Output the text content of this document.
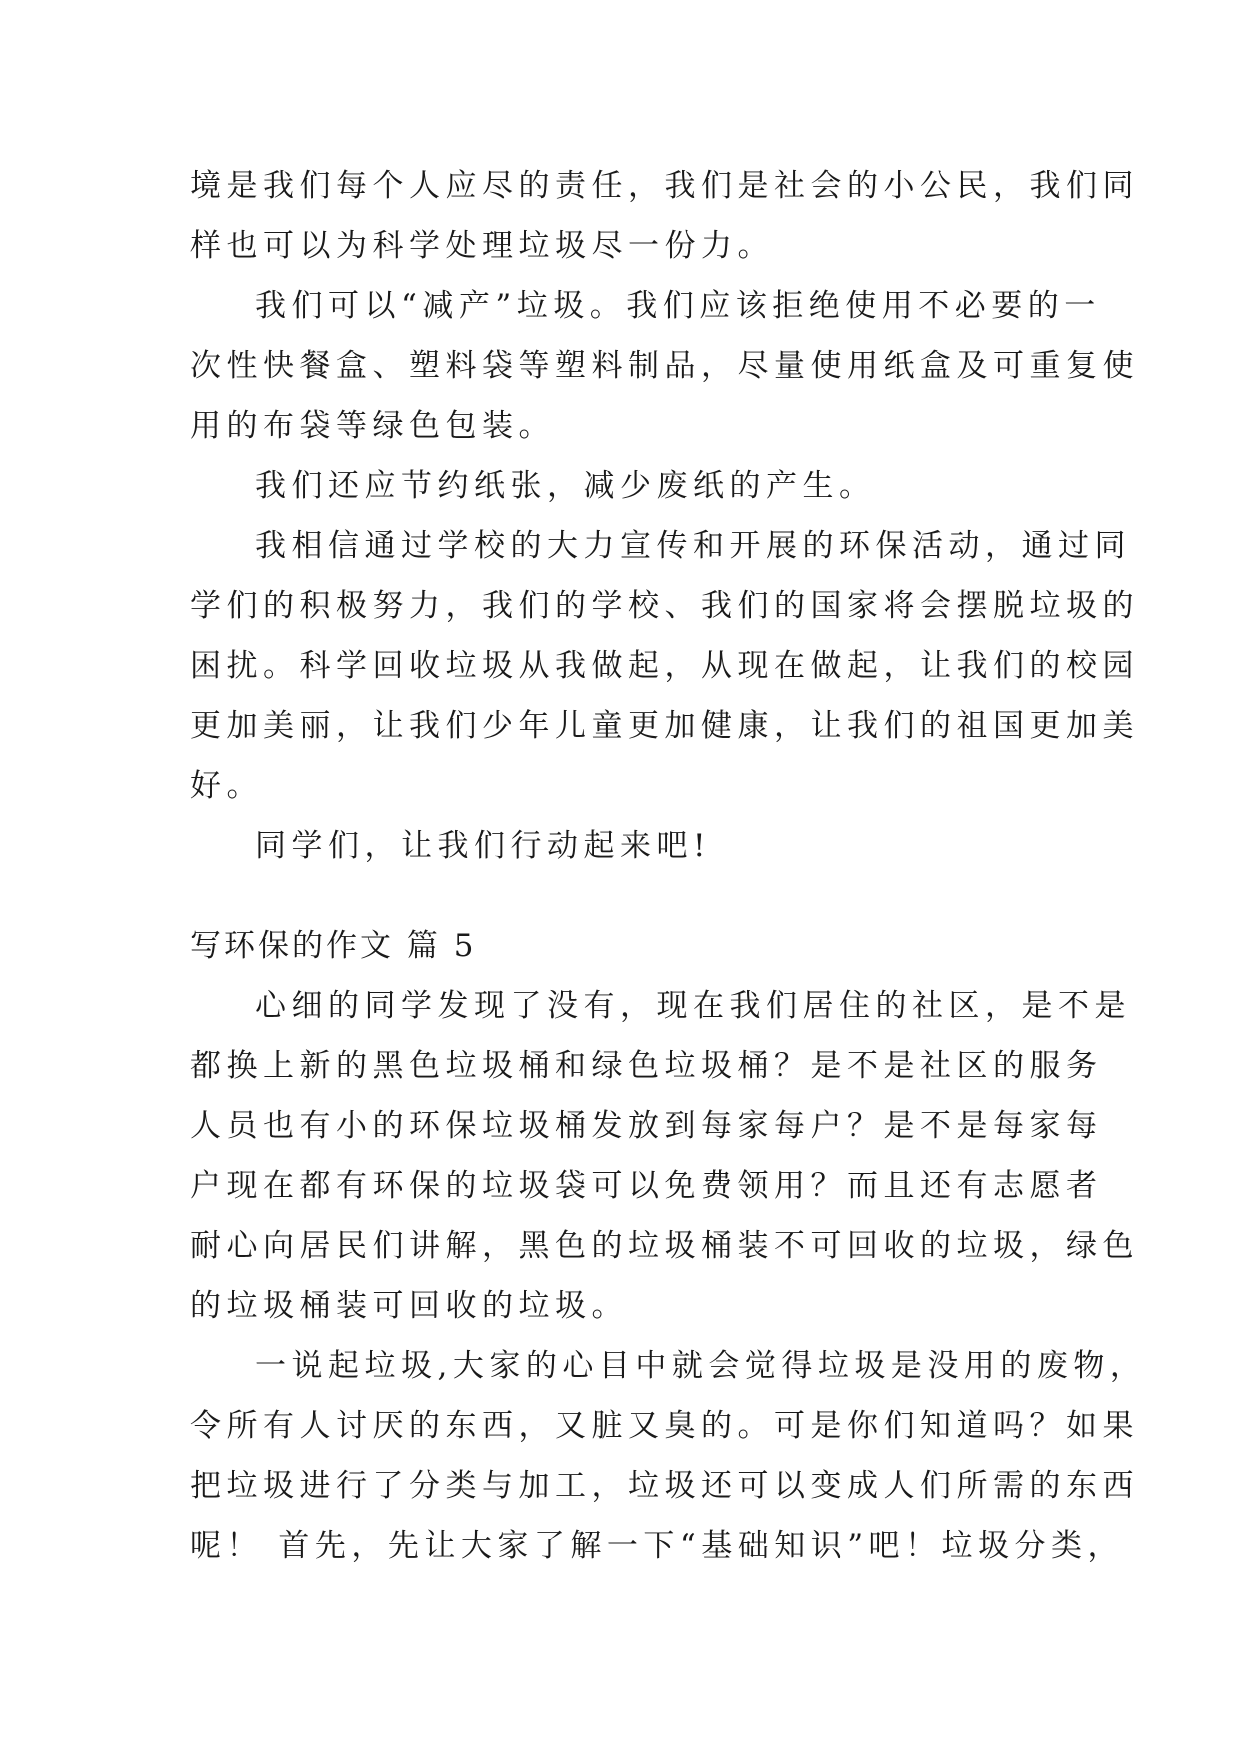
境是我们每个人应尽的责任，我们是社会的小公民，我们同
样也可以为科学处理垃圾尽一份力。
我们可以“减产”垃圾。我们应该拒绝使用不必要的一
次性快餐盒、塑料袋等塑料制品，尽量使用纸盒及可重复使
用的布袋等绿色包装。
我们还应节约纸张，减少废纸的产生。
我相信通过学校的大力宣传和开展的环保活动，通过同
学们的积极努力，我们的学校、我们的国家将会摆脱垃圾的
困扰。科学回收垃圾从我做起，从现在做起，让我们的校园
更加美丽，让我们少年儿童更加健康，让我们的祖国更加美
好。
同学们，让我们行动起来吧!
写环保的作文 篇 5
心细的同学发现了没有，现在我们居住的社区，是不是
都换上新的黑色垃圾桶和绿色垃圾桶？是不是社区的服务
人员也有小的环保垃圾桶发放到每家每户？是不是每家每
户现在都有环保的垃圾袋可以免费领用？而且还有志愿者
耐心向居民们讲解，黑色的垃圾桶装不可回收的垃圾，绿色
的垃圾桶装可回收的垃圾。
一说起垃圾,大家的心目中就会觉得垃圾是没用的废物，
令所有人讨厌的东西，又脏又臭的。可是你们知道吗？如果
把垃圾进行了分类与加工，垃圾还可以变成人们所需的东西
呢！ 首先，先让大家了解一下“基础知识”吧！垃圾分类，
